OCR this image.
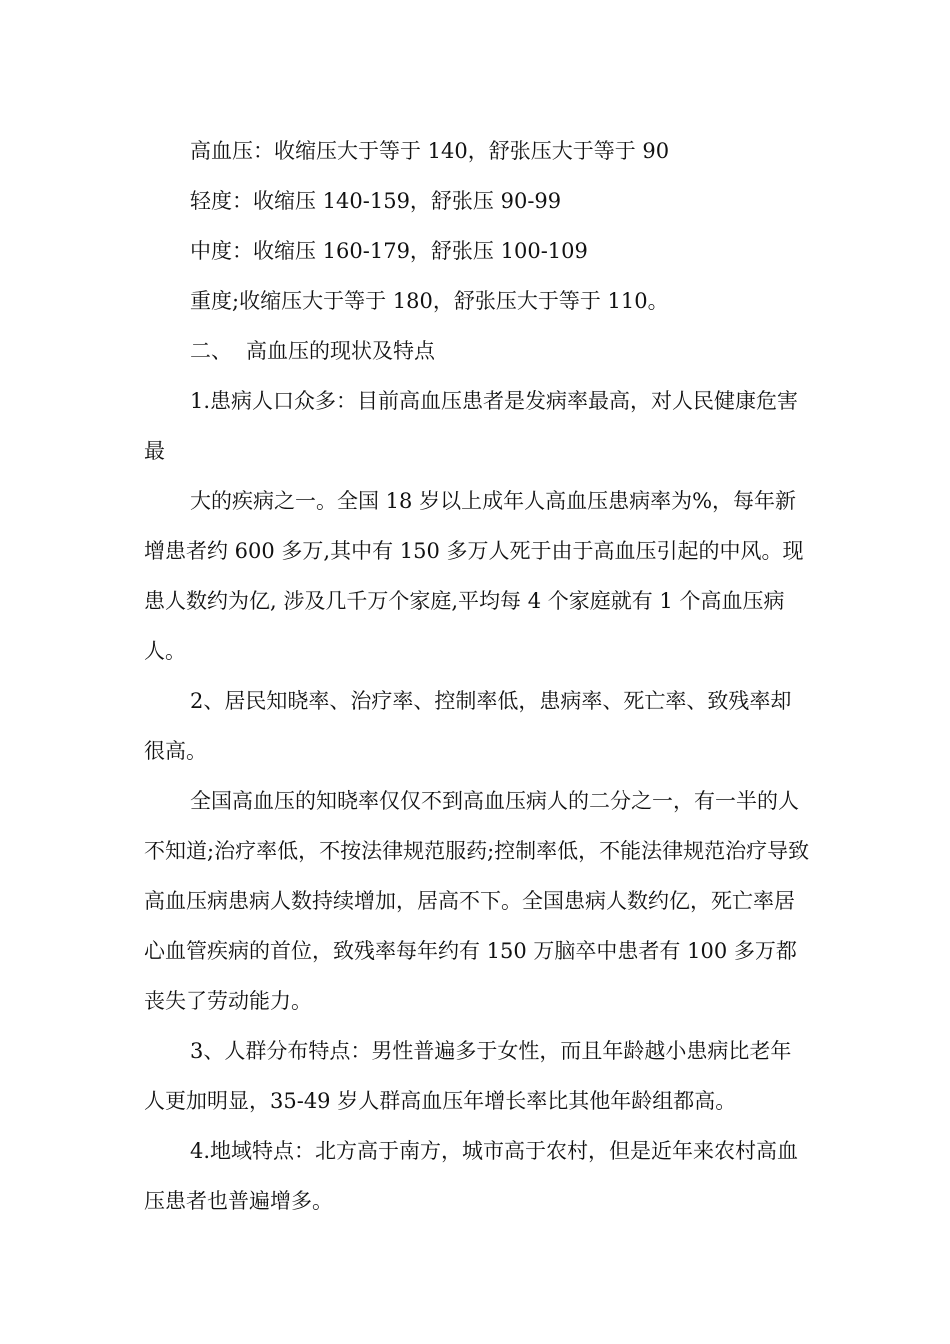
高血压：收缩压大于等于 140，舒张压大于等于 90

轻度：收缩压 140-159，舒张压 90-99

中度：收缩压 160-179，舒张压 100-109

重度;收缩压大于等于 180，舒张压大于等于 110。

二、 高血压的现状及特点

1.患病人口众多：目前高血压患者是发病率最高，对人民健康危害最

大的疾病之一。全国 18 岁以上成年人高血压患病率为%，每年新增患者约 600 多万,其中有 150 多万人死于由于高血压引起的中风。现患人数约为亿, 涉及几千万个家庭,平均每 4 个家庭就有 1 个高血压病人。

2、居民知晓率、治疗率、控制率低，患病率、死亡率、致残率却很高。

全国高血压的知晓率仅仅不到高血压病人的二分之一，有一半的人不知道;治疗率低，不按法律规范服药;控制率低，不能法律规范治疗导致高血压病患病人数持续增加，居高不下。全国患病人数约亿，死亡率居心血管疾病的首位，致残率每年约有 150 万脑卒中患者有 100 多万都丧失了劳动能力。

3、人群分布特点：男性普遍多于女性，而且年龄越小患病比老年人更加明显，35-49 岁人群高血压年增长率比其他年龄组都高。

4.地域特点：北方高于南方，城市高于农村，但是近年来农村高血压患者也普遍增多。
